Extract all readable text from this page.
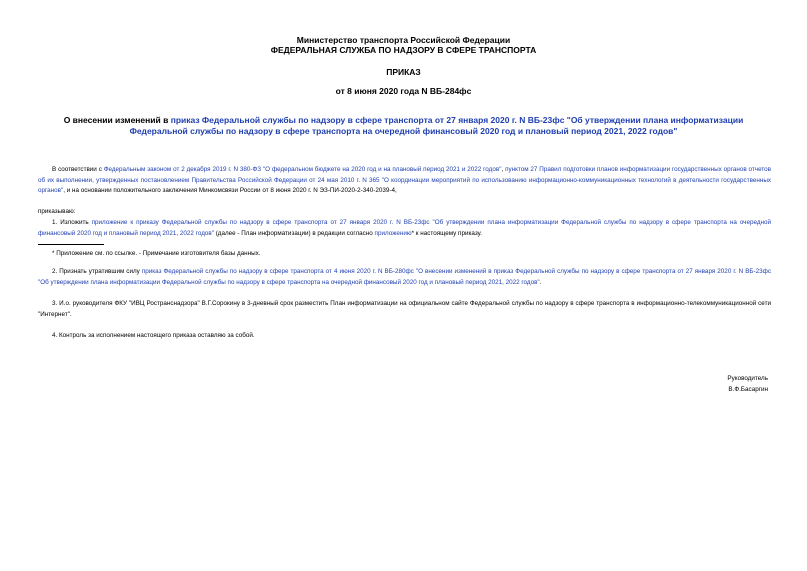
Министерство транспорта Российской Федерации
ФЕДЕРАЛЬНАЯ СЛУЖБА ПО НАДЗОРУ В СФЕРЕ ТРАНСПОРТА
ПРИКАЗ
от 8 июня 2020 года N ВБ-284фс
О внесении изменений в приказ Федеральной службы по надзору в сфере транспорта от 27 января 2020 г. N ВБ-23фс "Об утверждении плана информатизации
Федеральной службы по надзору в сфере транспорта на очередной финансовый 2020 год и плановый период 2021, 2022 годов"
В соответствии с Федеральным законом от 2 декабря 2019 г. N 380-ФЗ "О федеральном бюджете на 2020 год и на плановый период 2021 и 2022 годов", пунктом 27 Правил подготовки планов информатизации государственных органов отчетов об их выполнении, утвержденных постановлением Правительства Российской Федерации от 24 мая 2010 г. N 365 "О координации мероприятий по использованию информационно-коммуникационных технологий в деятельности государственных органов", и на основании положительного заключения Минкомсвязи России от 8 июня 2020 г. N ЭЗ-ПИ-2020-2-340-2039-4,
приказываю:
1. Изложить приложение к приказу Федеральной службы по надзору в сфере транспорта от 27 января 2020 г. N ВБ-23фс "Об утверждении плана информатизации Федеральной службы по надзору в сфере транспорта на очередной финансовый 2020 год и плановый период 2021, 2022 годов" (далее - План информатизации) в редакции согласно приложению* к настоящему приказу.
* Приложение см. по ссылке. - Примечание изготовителя базы данных.
2. Признать утратившим силу приказ Федеральной службы по надзору в сфере транспорта от 4 июня 2020 г. N ВБ-280фс "О внесении изменений в приказ Федеральной службы по надзору в сфере транспорта от 27 января 2020 г. N ВБ-23фс "Об утверждении плана информатизации Федеральной службы по надзору в сфере транспорта на очередной финансовый 2020 год и плановый период 2021, 2022 годов".
3. И.о. руководителя ФКУ "ИВЦ Ространснадзора" В.Г.Сорокину в 3-дневный срок разместить План информатизации на официальном сайте Федеральной службы по надзору в сфере транспорта в информационно-телекоммуникационной сети "Интернет".
4. Контроль за исполнением настоящего приказа оставляю за собой.
Руководитель
В.Ф.Басаргин
